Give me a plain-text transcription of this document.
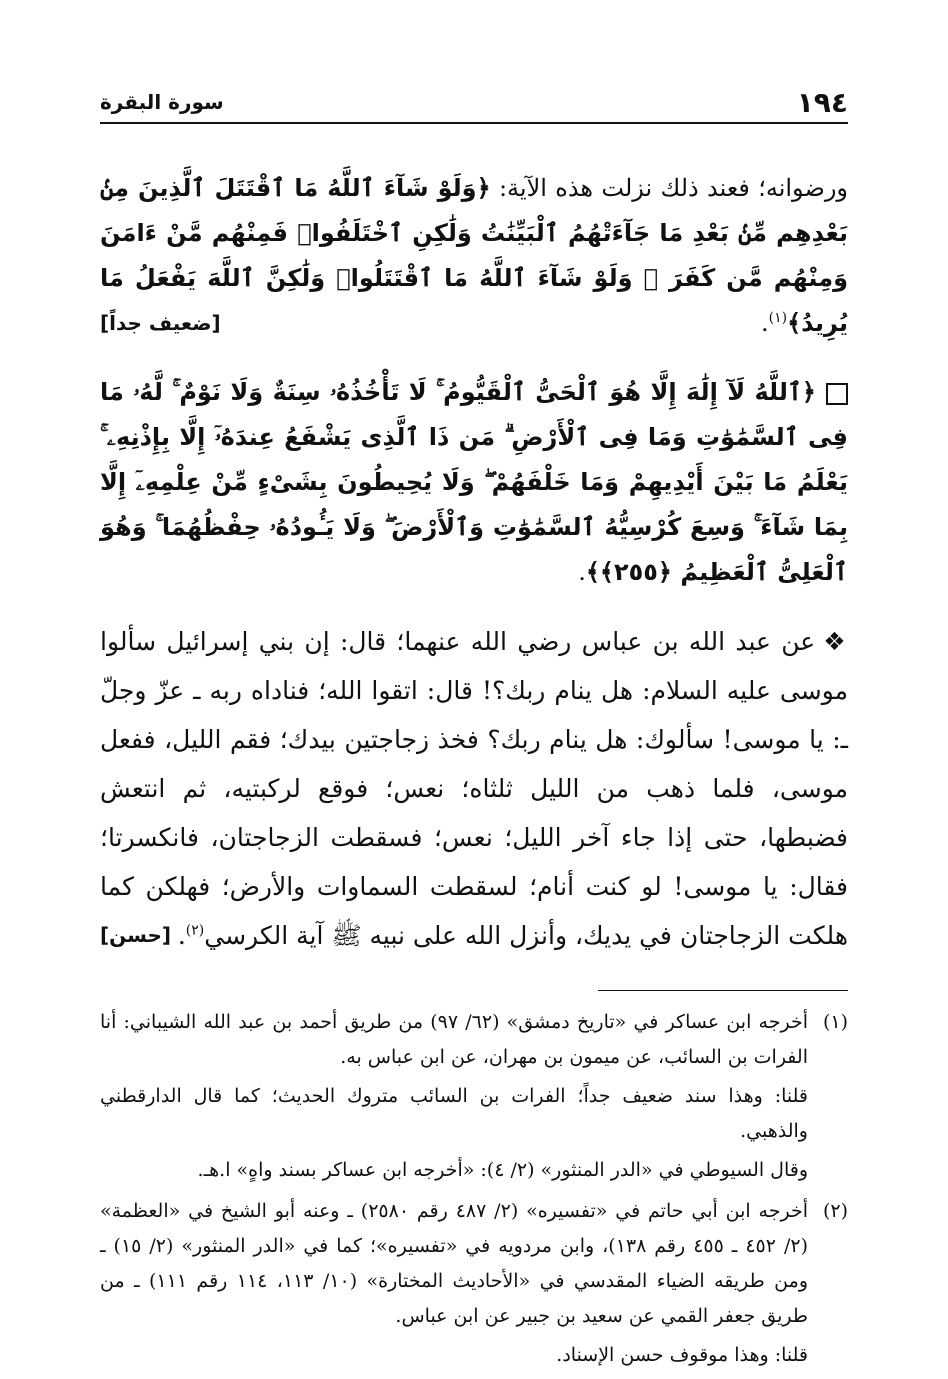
١٩٤
سورة البقرة

ورضوانه؛ فعند ذلك نزلت هذه الآية: ﴿وَلَوْ شَآءَ ٱللَّهُ مَا ٱقْتَتَلَ ٱلَّذِينَ مِنۢ بَعْدِهِم مِّنۢ بَعْدِ مَا جَآءَتْهُمُ ٱلْبَيِّنَٰتُ وَلَٰكِنِ ٱخْتَلَفُوا۟ فَمِنْهُم مَّنْ ءَامَنَ وَمِنْهُم مَّن كَفَرَ ۚ وَلَوْ شَآءَ ٱللَّهُ مَا ٱقْتَتَلُوا۟ وَلَٰكِنَّ ٱللَّهَ يَفْعَلُ مَا يُرِيدُ﴾$^{(١)}$.
[ضعيف جداً]

﴿ٱللَّهُ لَآ إِلَٰهَ إِلَّا هُوَ ٱلْحَىُّ ٱلْقَيُّومُ ۚ لَا تَأْخُذُهُۥ سِنَةٌ وَلَا نَوْمٌ ۚ لَّهُۥ مَا فِى ٱلسَّمَٰوَٰتِ وَمَا فِى ٱلْأَرْضِ ۗ مَن ذَا ٱلَّذِى يَشْفَعُ عِندَهُۥٓ إِلَّا بِإِذْنِهِۦ ۚ يَعْلَمُ مَا بَيْنَ أَيْدِيهِمْ وَمَا خَلْفَهُمْ ۖ وَلَا يُحِيطُونَ بِشَىْءٍ مِّنْ عِلْمِهِۦٓ إِلَّا بِمَا شَآءَ ۚ وَسِعَ كُرْسِيُّهُ ٱلسَّمَٰوَٰتِ وَٱلْأَرْضَ ۖ وَلَا يَـُٔودُهُۥ حِفْظُهُمَا ۚ وَهُوَ ٱلْعَلِىُّ ٱلْعَظِيمُ ﴿٢٥٥﴾﴾.

❖عن عبد الله بن عباس رضي الله عنهما؛ قال: إن بني إسرائيل سألوا موسى عليه السلام: هل ينام ربك؟! قال: اتقوا الله؛ فناداه ربه ـ عزّ وجلّ ـ: يا موسى! سألوك: هل ينام ربك؟ فخذ زجاجتين بيدك؛ فقم الليل، ففعل موسى، فلما ذهب من الليل ثلثاه؛ نعس؛ فوقع لركبتيه، ثم انتعش فضبطها، حتى إذا جاء آخر الليل؛ نعس؛ فسقطت الزجاجتان، فانكسرتا؛ فقال: يا موسى! لو كنت أنام؛ لسقطت السماوات والأرض؛ فهلكن كما هلكت الزجاجتان في يديك، وأنزل الله على نبيه ﷺ آية الكرسي$^{(٢)}$.
[حسن]

(١)

أخرجه ابن عساكر في «تاريخ دمشق» (٦٢/ ٩٧) من طريق أحمد بن عبد الله الشيباني: أنا الفرات بن السائب، عن ميمون بن مهران، عن ابن عباس به.

قلنا: وهذا سند ضعيف جداً؛ الفرات بن السائب متروك الحديث؛ كما قال الدارقطني والذهبي.

وقال السيوطي في «الدر المنثور» (٢/ ٤): «أخرجه ابن عساكر بسند واهٍ» ا.هـ.

(٢)

أخرجه ابن أبي حاتم في «تفسيره» (٢/ ٤٨٧ رقم ٢٥٨٠) ـ وعنه أبو الشيخ في «العظمة» (٢/ ٤٥٢ ـ ٤٥٥ رقم ١٣٨)، وابن مردويه في «تفسيره»؛ كما في «الدر المنثور» (٢/ ١٥) ـ ومن طريقه الضياء المقدسي في «الأحاديث المختارة» (١٠/ ١١٣، ١١٤ رقم ١١١) ـ من طريق جعفر القمي عن سعيد بن جبير عن ابن عباس.

قلنا: وهذا موقوف حسن الإسناد.
